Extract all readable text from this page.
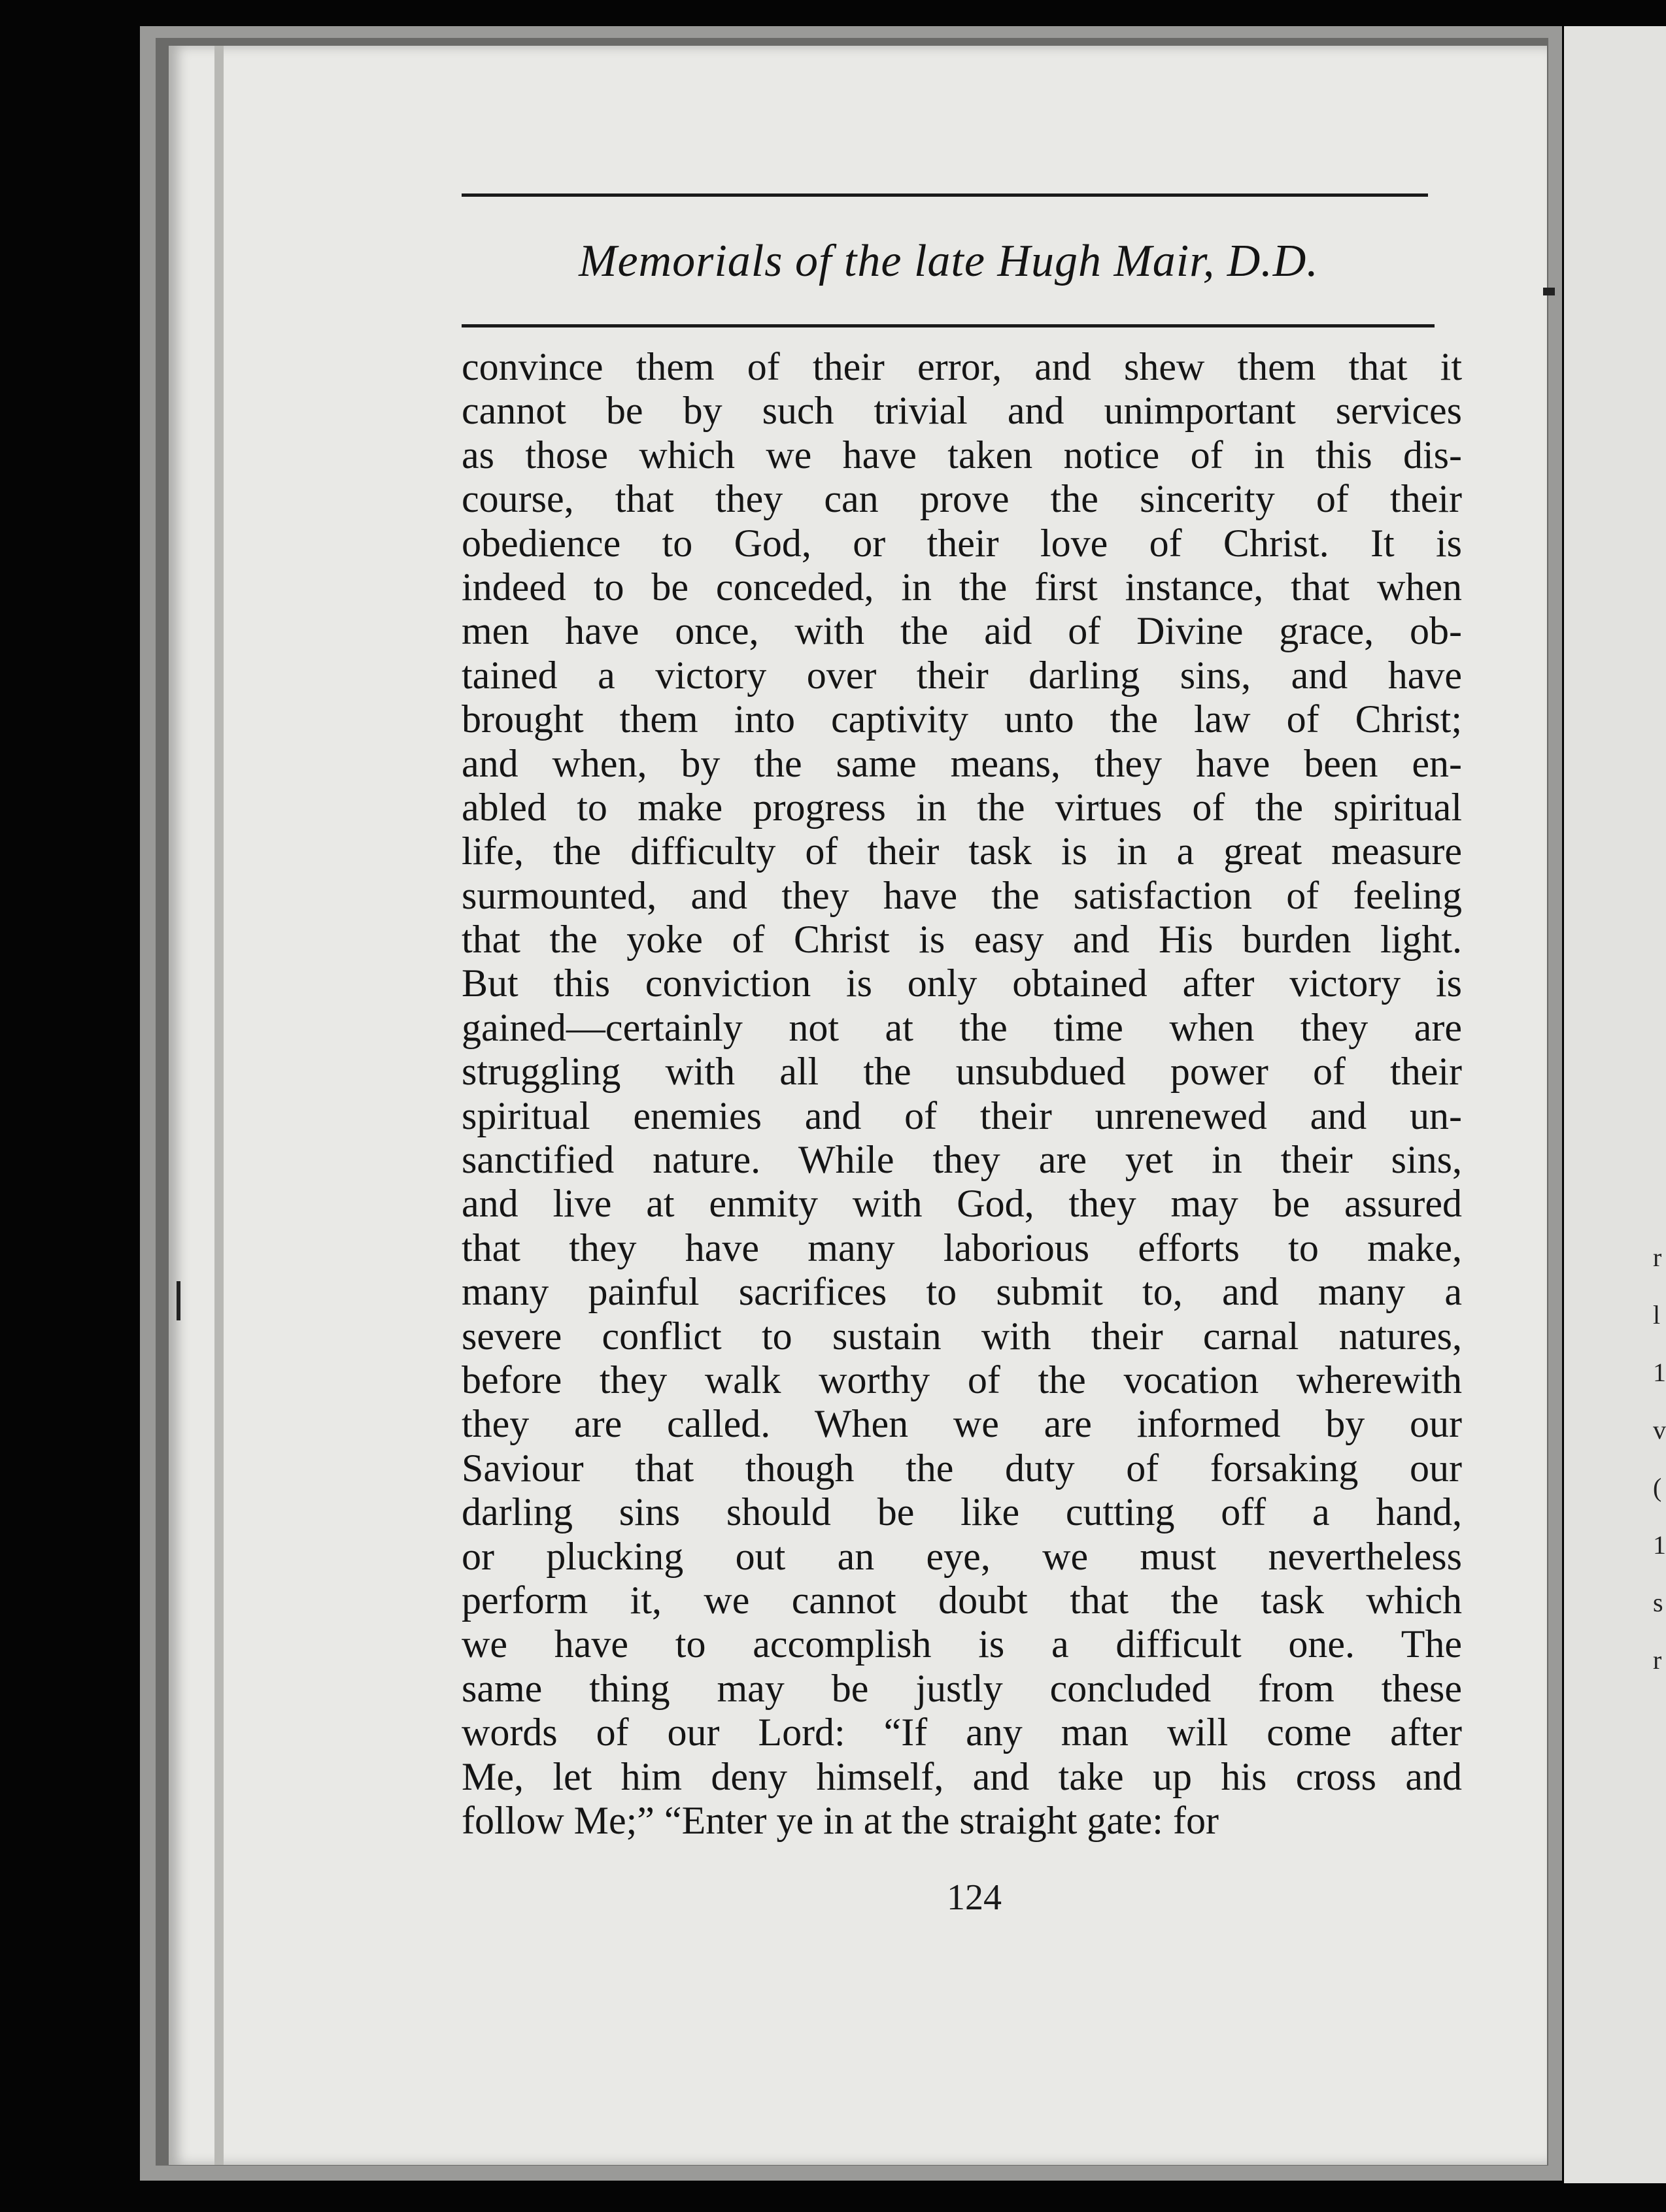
r
l
1
v
(
1
s
r
Memorials of the late Hugh Mair, D.D.
convince them of their error, and shew them that it
cannot be by such trivial and unimportant services
as those which we have taken notice of in this dis-
course, that they can prove the sincerity of their
obedience to God, or their love of Christ. It is
indeed to be conceded, in the first instance, that when
men have once, with the aid of Divine grace, ob-
tained a victory over their darling sins, and have
brought them into captivity unto the law of Christ;
and when, by the same means, they have been en-
abled to make progress in the virtues of the spiritual
life, the difficulty of their task is in a great measure
surmounted, and they have the satisfaction of feeling
that the yoke of Christ is easy and His burden light.
But this conviction is only obtained after victory is
gained—certainly not at the time when they are
struggling with all the unsubdued power of their
spiritual enemies and of their unrenewed and un-
sanctified nature. While they are yet in their sins,
and live at enmity with God, they may be assured
that they have many laborious efforts to make,
many painful sacrifices to submit to, and many a
severe conflict to sustain with their carnal natures,
before they walk worthy of the vocation wherewith
they are called. When we are informed by our
Saviour that though the duty of forsaking our
darling sins should be like cutting off a hand,
or plucking out an eye, we must nevertheless
perform it, we cannot doubt that the task which
we have to accomplish is a difficult one. The
same thing may be justly concluded from these
words of our Lord: “If any man will come after
Me, let him deny himself, and take up his cross and
follow Me;” “Enter ye in at the straight gate: for
124
